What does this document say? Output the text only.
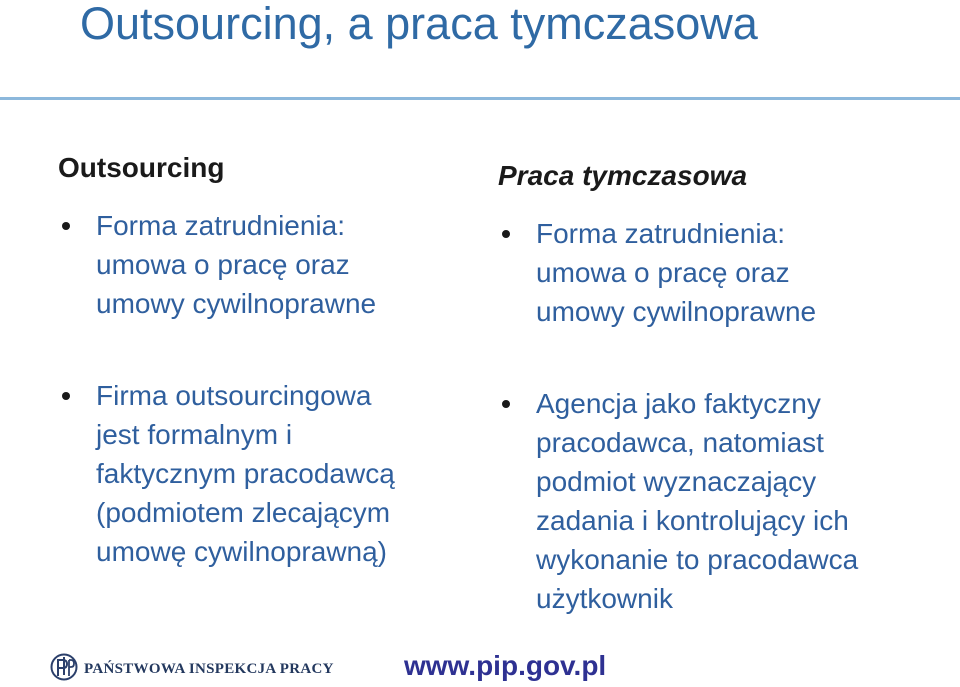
Outsourcing, a praca tymczasowa
Outsourcing
Forma zatrudnienia:
umowa o pracę oraz
umowy cywilnoprawne
Firma outsourcingowa
jest formalnym i
faktycznym pracodawcą
(podmiotem zlecającym
umowę cywilnoprawną)
Praca tymczasowa
Forma zatrudnienia:
umowa o pracę oraz
umowy cywilnoprawne
Agencja jako faktyczny
pracodawca, natomiast
podmiot wyznaczający
zadania i kontrolujący ich
wykonanie to pracodawca
użytkownik
PAŃSTWOWA INSPEKCJA PRACY	www.pip.gov.pl
